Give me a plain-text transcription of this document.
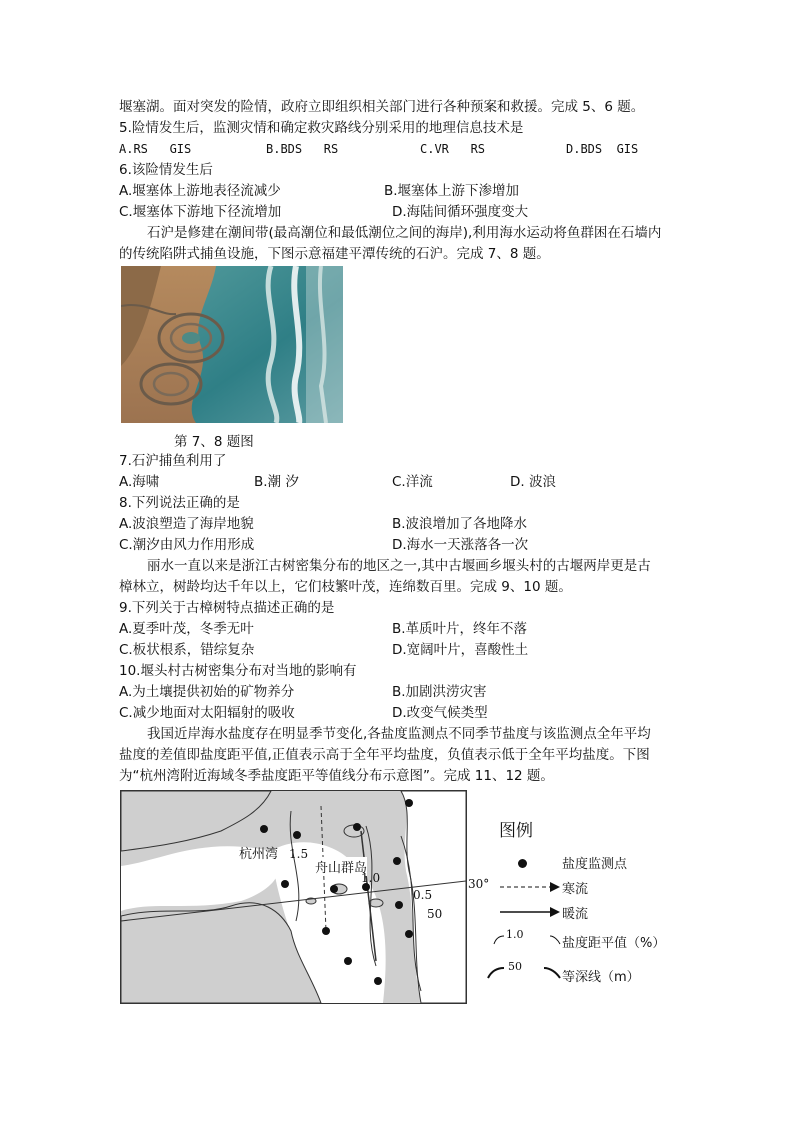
堰塞湖。面对突发的险情，政府立即组织相关部门进行各种预案和救援。完成 5、6 题。
5.险情发生后，监测灾情和确定救灾路线分别采用的地理信息技术是
A.RS   GIS	B.BDS   RS	C.VR   RS	D.BDS  GIS
6.该险情发生后
A.堰塞体上游地表径流减少	B.堰塞体上游下渗增加
C.堰塞体下游地下径流增加	D.海陆间循环强度变大
石沪是修建在潮间带(最高潮位和最低潮位之间的海岸),利用海水运动将鱼群困在石墙内
的传统陷阱式捕鱼设施，下图示意福建平潭传统的石沪。完成 7、8 题。
第 7、8 题图
7.石沪捕鱼利用了
A.海啸	B.潮 汐	C.洋流	D. 波浪
8.下列说法正确的是
A.波浪塑造了海岸地貌	B.波浪增加了各地降水
C.潮汐由风力作用形成	D.海水一天涨落各一次
丽水一直以来是浙江古树密集分布的地区之一,其中古堰画乡堰头村的古堰两岸更是古
樟林立，树龄均达千年以上，它们枝繁叶茂，连绵数百里。完成 9、10 题。
9.下列关于古樟树特点描述正确的是
A.夏季叶茂，冬季无叶	B.革质叶片，终年不落
C.板状根系，错综复杂	D.宽阔叶片，喜酸性土
10.堰头村古树密集分布对当地的影响有
A.为土壤提供初始的矿物养分	B.加剧洪涝灾害
C.减少地面对太阳辐射的吸收	D.改变气候类型
我国近岸海水盐度存在明显季节变化,各盐度监测点不同季节盐度与该监测点全年平均
盐度的差值即盐度距平值,正值表示高于全年平均盐度，负值表示低于全年平均盐度。下图
为“杭州湾附近海域冬季盐度距平等值线分布示意图”。完成 11、12 题。
杭州湾
舟山群岛
1.5
1.0
0.5
50
30°
图例
盐度监测点
寒流
暖流
1.0
盐度距平值（%）
50
等深线（m）
